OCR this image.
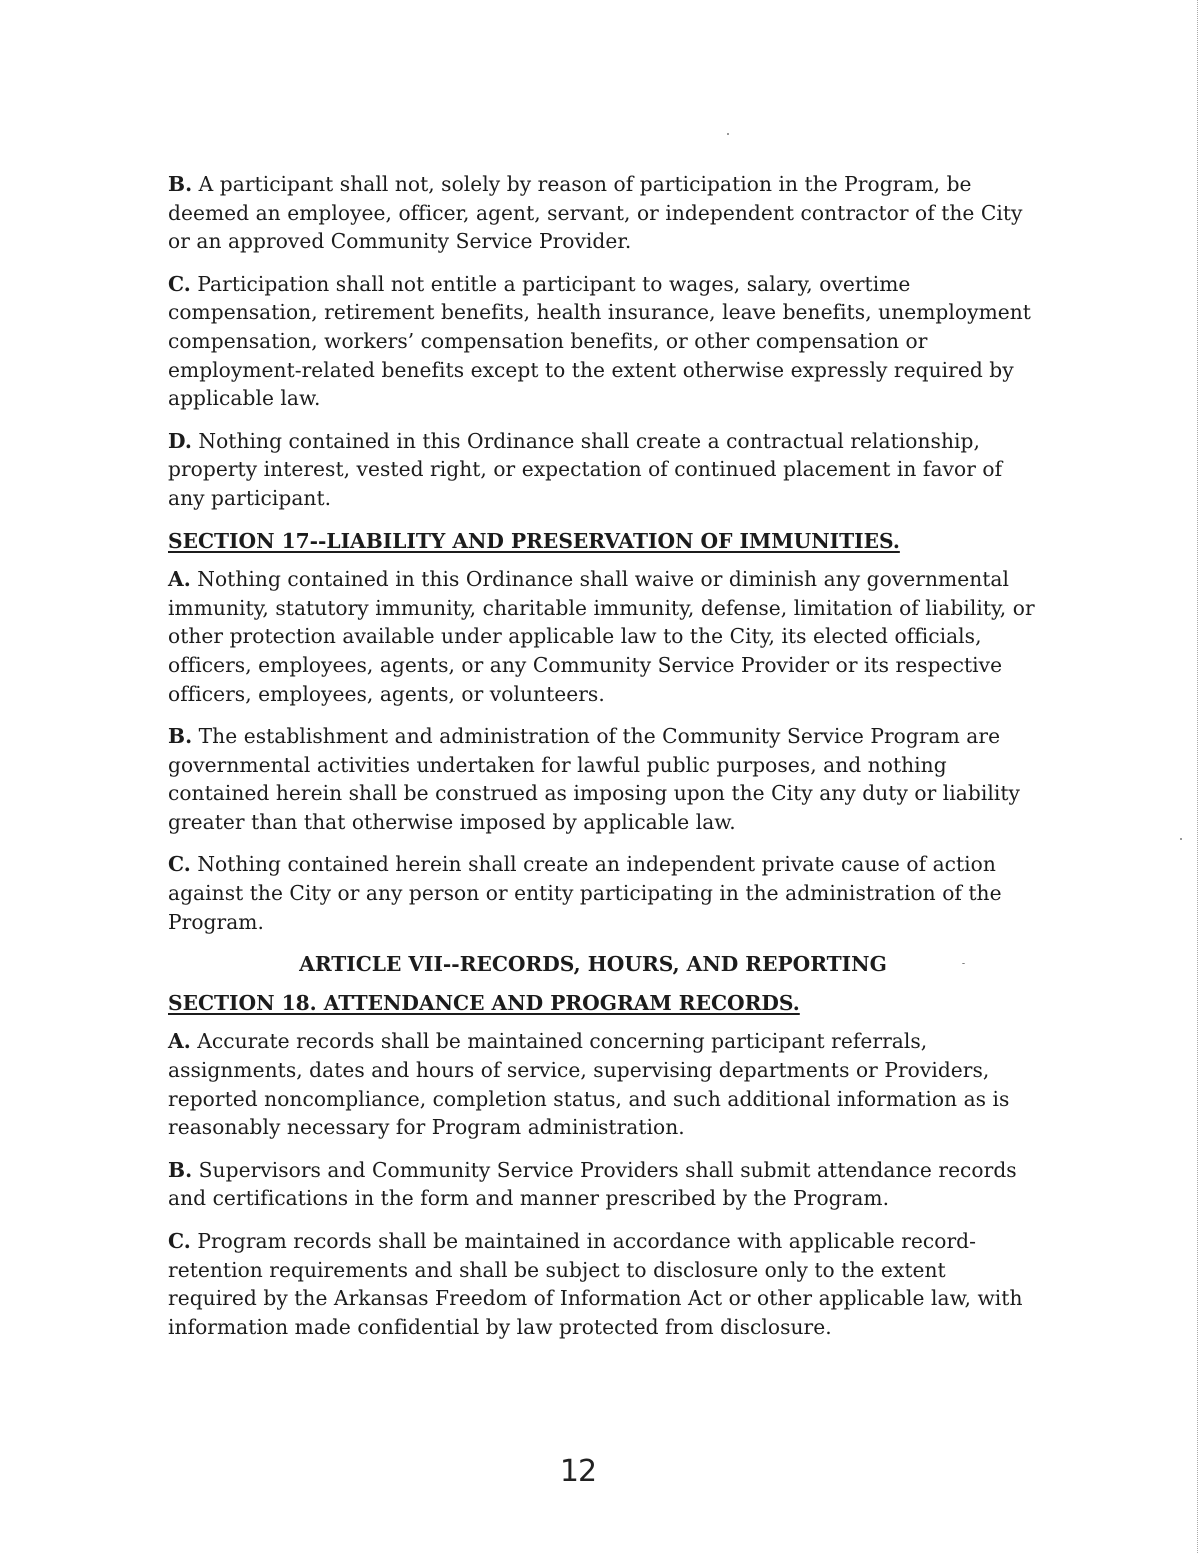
B. A participant shall not, solely by reason of participation in the Program, be deemed an employee, officer, agent, servant, or independent contractor of the City or an approved Community Service Provider.

C. Participation shall not entitle a participant to wages, salary, overtime compensation, retirement benefits, health insurance, leave benefits, unemployment compensation, workers’ compensation benefits, or other compensation or employment-related benefits except to the extent otherwise expressly required by applicable law.

D. Nothing contained in this Ordinance shall create a contractual relationship, property interest, vested right, or expectation of continued placement in favor of any participant.

SECTION 17--LIABILITY AND PRESERVATION OF IMMUNITIES.

A. Nothing contained in this Ordinance shall waive or diminish any governmental immunity, statutory immunity, charitable immunity, defense, limitation of liability, or other protection available under applicable law to the City, its elected officials, officers, employees, agents, or any Community Service Provider or its respective officers, employees, agents, or volunteers.

B. The establishment and administration of the Community Service Program are governmental activities undertaken for lawful public purposes, and nothing contained herein shall be construed as imposing upon the City any duty or liability greater than that otherwise imposed by applicable law.

C. Nothing contained herein shall create an independent private cause of action against the City or any person or entity participating in the administration of the Program.

ARTICLE VII--RECORDS, HOURS, AND REPORTING
SECTION 18. ATTENDANCE AND PROGRAM RECORDS.

A. Accurate records shall be maintained concerning participant referrals, assignments, dates and hours of service, supervising departments or Providers, reported noncompliance, completion status, and such additional information as is reasonably necessary for Program administration.

B. Supervisors and Community Service Providers shall submit attendance records and certifications in the form and manner prescribed by the Program.

C. Program records shall be maintained in accordance with applicable record-retention requirements and shall be subject to disclosure only to the extent required by the Arkansas Freedom of Information Act or other applicable law, with information made confidential by law protected from disclosure.

12
